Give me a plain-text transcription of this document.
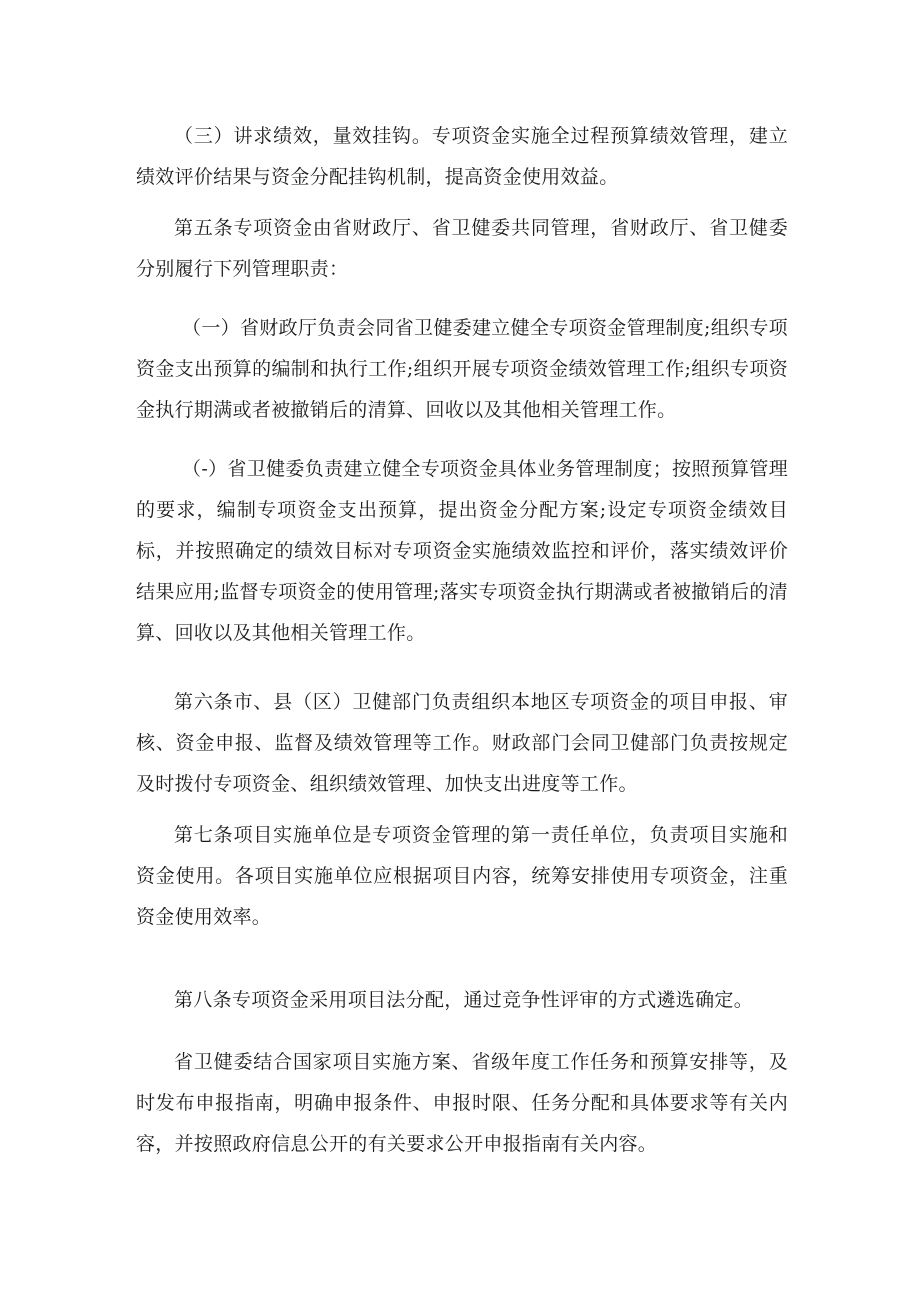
（三）讲求绩效，量效挂钩。专项资金实施全过程预算绩效管理，建立绩效评价结果与资金分配挂钩机制，提高资金使用效益。

第五条专项资金由省财政厅、省卫健委共同管理，省财政厅、省卫健委分别履行下列管理职责：

（一）省财政厅负责会同省卫健委建立健全专项资金管理制度;组织专项资金支出预算的编制和执行工作;组织开展专项资金绩效管理工作;组织专项资金执行期满或者被撤销后的清算、回收以及其他相关管理工作。

（-）省卫健委负责建立健全专项资金具体业务管理制度；按照预算管理的要求，编制专项资金支出预算，提出资金分配方案;设定专项资金绩效目标，并按照确定的绩效目标对专项资金实施绩效监控和评价，落实绩效评价结果应用;监督专项资金的使用管理;落实专项资金执行期满或者被撤销后的清算、回收以及其他相关管理工作。

第六条市、县（区）卫健部门负责组织本地区专项资金的项目申报、审核、资金申报、监督及绩效管理等工作。财政部门会同卫健部门负责按规定及时拨付专项资金、组织绩效管理、加快支出进度等工作。

第七条项目实施单位是专项资金管理的第一责任单位，负责项目实施和资金使用。各项目实施单位应根据项目内容，统筹安排使用专项资金，注重资金使用效率。

第八条专项资金采用项目法分配，通过竞争性评审的方式遴选确定。

省卫健委结合国家项目实施方案、省级年度工作任务和预算安排等，及时发布申报指南，明确申报条件、申报时限、任务分配和具体要求等有关内容，并按照政府信息公开的有关要求公开申报指南有关内容。
